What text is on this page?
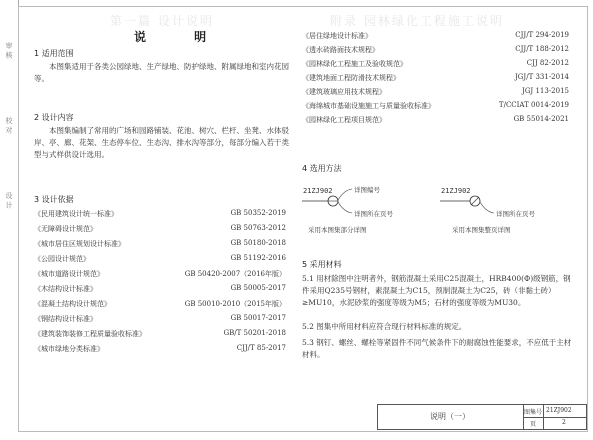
审 核
校 对
设 计
第一篇 设计说明	附录 园林绿化工程施工说明
说 明
1 适用范围
本图集适用于各类公园绿地、生产绿地、防护绿地、附属绿地和室内花园等。
2 设计内容
本图集编制了常用的广场和园路铺装、花池、树穴、栏杆、坐凳、水体驳岸、亭、廊、花架、生态停车位、生态沟、排水沟等部分，每部分编入若干类型与式样供设计选用。
3 设计依据
《民用建筑设计统一标准》	GB 50352-2019
《无障碍设计规范》	GB 50763-2012
《城市居住区规划设计标准》	GB 50180-2018
《公园设计规范》	GB 51192-2016
《城市道路设计规范》	GB 50420-2007（2016年版）
《木结构设计标准》	GB 50005-2017
《混凝土结构设计规范》	GB 50010-2010（2015年版）
《钢结构设计标准》	GB 50017-2017
《建筑装饰装修工程质量验收标准》	GB/T 50201-2018
《城市绿地分类标准》	CJJ/T 85-2017
《居住绿地设计标准》	CJJ/T 294-2019
《透水砖路面技术规程》	CJJ/T 188-2012
《园林绿化工程施工及验收规范》	CJJ 82-2012
《建筑地面工程防滑技术规程》	JGJ/T 331-2014
《建筑玻璃应用技术规程》	JGJ 113-2015
《海绵城市基础设施施工与质量验收标准》	T/CCIAT 0014-2019
《园林绿化工程项目规范》	GB 55014-2021
4 选用方法
21ZJ902	详图编号
详图所在页号
采用本图集部分详图
21ZJ902
详图所在页号
采用本图集整页详图
5 采用材料
5.1 用材除图中注明者外，钢筋混凝土采用C25混凝土，HRB400(Ф)级钢筋，钢件采用Q235号钢材，素混凝土为C15，预制混凝土为C25，砖（非黏土砖）≥MU10，水泥砂浆的强度等级为M5；石材的强度等级为MU30。
5.2 图集中所用材料应符合现行材料标准的规定。
5.3 钢钉、螺丝、螺栓等紧固件不同气候条件下的耐腐蚀性能要求，不应低于主材材料。
说明（一）	图集号 21ZJ902
页	2
